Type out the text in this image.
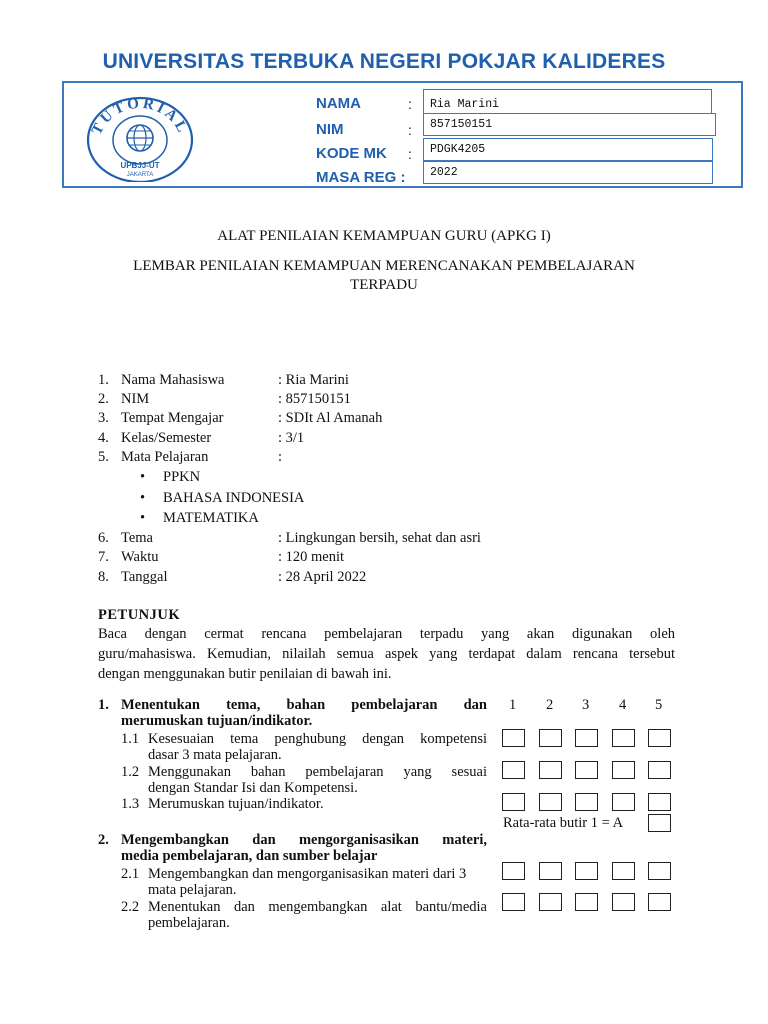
UNIVERSITAS TERBUKA NEGERI POKJAR KALIDERES
TUTORIAL
UPBJJ-UT
JAKARTA
NAMA	:	Ria Marini
NIM	:	857150151
KODE MK :	PDGK4205
MASA REG :	2022
ALAT PENILAIAN KEMAMPUAN GURU (APKG I)
LEMBAR PENILAIAN KEMAMPUAN MERENCANAKAN PEMBELAJARAN
TERPADU
1. Nama Mahasiswa	: Ria Marini
2. NIM	: 857150151
3. Tempat Mengajar	: SDIt Al Amanah
4. Kelas/Semester	: 3/1
5. Mata Pelajaran	:
• PPKN
• BAHASA INDONESIA
• MATEMATIKA
6. Tema	: Lingkungan bersih, sehat dan asri
7. Waktu	: 120 menit
8. Tanggal	: 28 April 2022
PETUNJUK
Baca dengan cermat rencana pembelajaran terpadu yang akan digunakan oleh
guru/mahasiswa. Kemudian, nilailah semua aspek yang terdapat dalam rencana tersebut
dengan menggunakan butir penilaian di bawah ini.
1 2 3 4 5
1. Menentukan tema, bahan pembelajaran dan
merumuskan tujuan/indikator.
1.1 Kesesuaian tema penghubung dengan kompetensi
dasar 3 mata pelajaran.
1.2 Menggunakan bahan pembelajaran yang sesuai
dengan Standar Isi dan Kompetensi.
1.3 Merumuskan tujuan/indikator.
Rata-rata butir 1 = A
2. Mengembangkan dan mengorganisasikan materi,
media pembelajaran, dan sumber belajar
2.1 Mengembangkan dan mengorganisasikan materi dari 3
mata pelajaran.
2.2 Menentukan dan mengembangkan alat bantu/media
pembelajaran.
